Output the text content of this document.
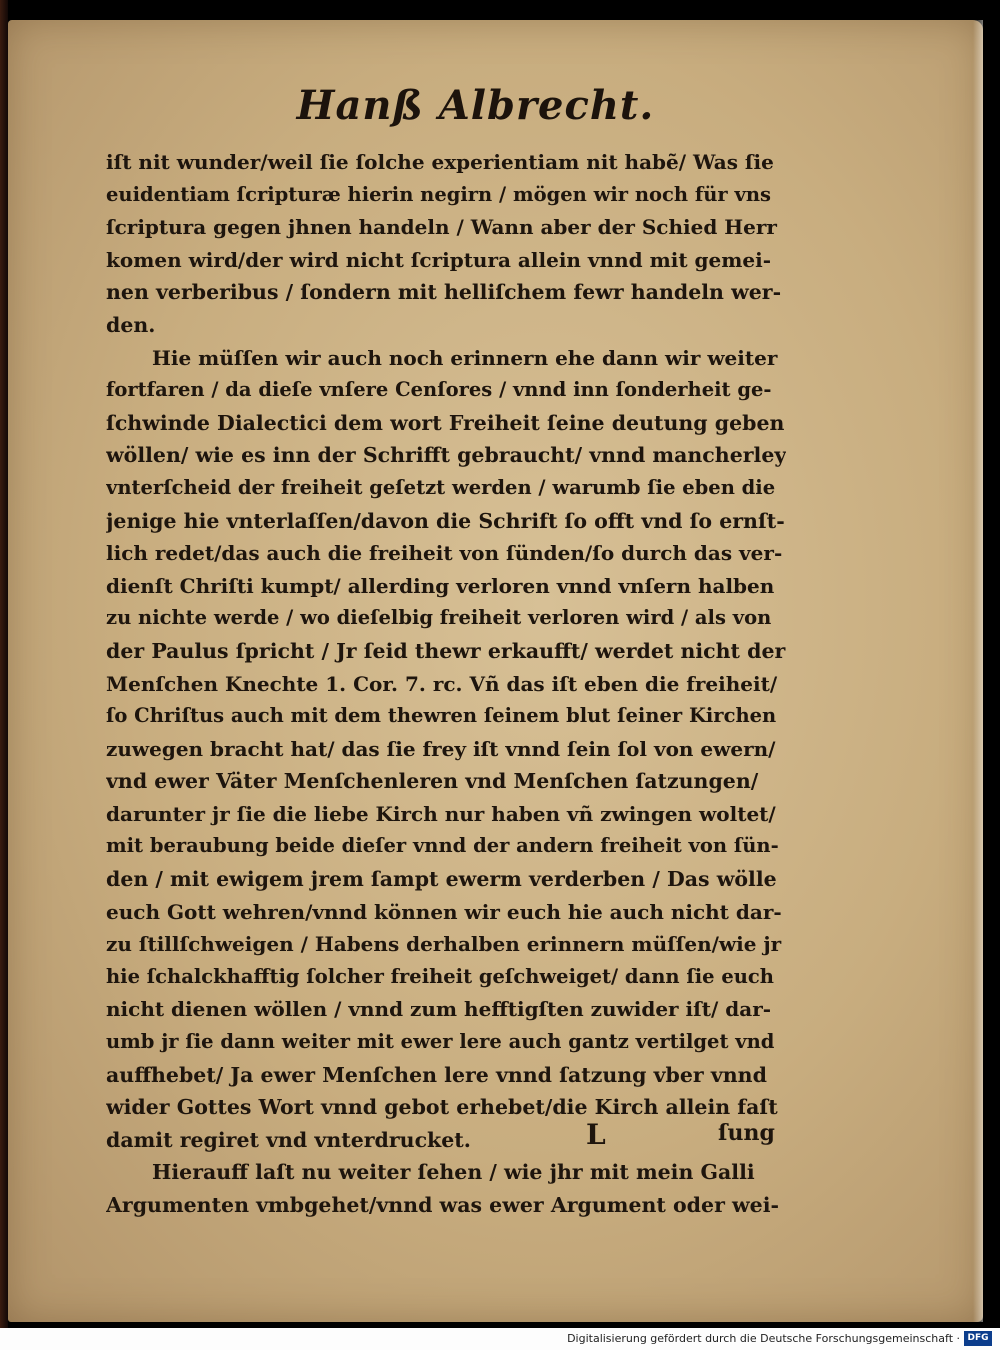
Hanß Albrecht.
iſt nit wunder/weil ſie ſolche experientiam nit habẽ/ Was ſie
euidentiam ſcripturæ hierin negirn / mögen wir noch für vns
ſcriptura gegen jhnen handeln / Wann aber der Schied Herr
komen wird/der wird nicht ſcriptura allein vnnd mit gemei-
nen verberibus / ſondern mit helliſchem fewr handeln wer-
den.
Hie müſſen wir auch noch erinnern ehe dann wir weiter
fortfaren / da dieſe vnſere Cenſores / vnnd inn ſonderheit ge-
ſchwinde Dialectici dem wort Freiheit ſeine deutung geben
wöllen/ wie es inn der Schrifft gebraucht/ vnnd mancherley
vnterſcheid der freiheit geſetzt werden / warumb ſie eben die
jenige hie vnterlaſſen/davon die Schrift ſo offt vnd ſo ernſt-
lich redet/das auch die freiheit von ſünden/ſo durch das ver-
dienſt Chriſti kumpt/ allerding verloren vnnd vnſern halben
zu nichte werde / wo dieſelbig freiheit verloren wird / als von
der Paulus ſpricht / Jr ſeid thewr erkaufft/ werdet nicht der
Menſchen Knechte 1. Cor. 7. rc. Vñ das iſt eben die freiheit/
ſo Chriſtus auch mit dem thewren ſeinem blut ſeiner Kirchen
zuwegen bracht hat/ das ſie frey iſt vnnd ſein ſol von ewern/
vnd ewer Väter Menſchenleren vnd Menſchen ſatzungen/
darunter jr ſie die liebe Kirch nur haben vñ zwingen woltet/
mit beraubung beide dieſer vnnd der andern freiheit von ſün-
den / mit ewigem jrem ſampt ewerm verderben / Das wölle
euch Gott wehren/vnnd können wir euch hie auch nicht dar-
zu ſtillſchweigen / Habens derhalben erinnern müſſen/wie jr
hie ſchalckhafftig ſolcher freiheit geſchweiget/ dann ſie euch
nicht dienen wöllen / vnnd zum hefftigſten zuwider iſt/ dar-
umb jr ſie dann weiter mit ewer lere auch gantz vertilget vnd
auffhebet/ Ja ewer Menſchen lere vnnd ſatzung vber vnnd
wider Gottes Wort vnnd gebot erhebet/die Kirch allein faſt
damit regiret vnd vnterdrucket.
Hierauff laſt nu weiter ſehen / wie jhr mit mein Galli
Argumenten vmbgehet/vnnd was ewer Argument oder wei-
L	ſung
Digitalisierung gefördert durch die Deutsche Forschungsgemeinschaft · DFG
